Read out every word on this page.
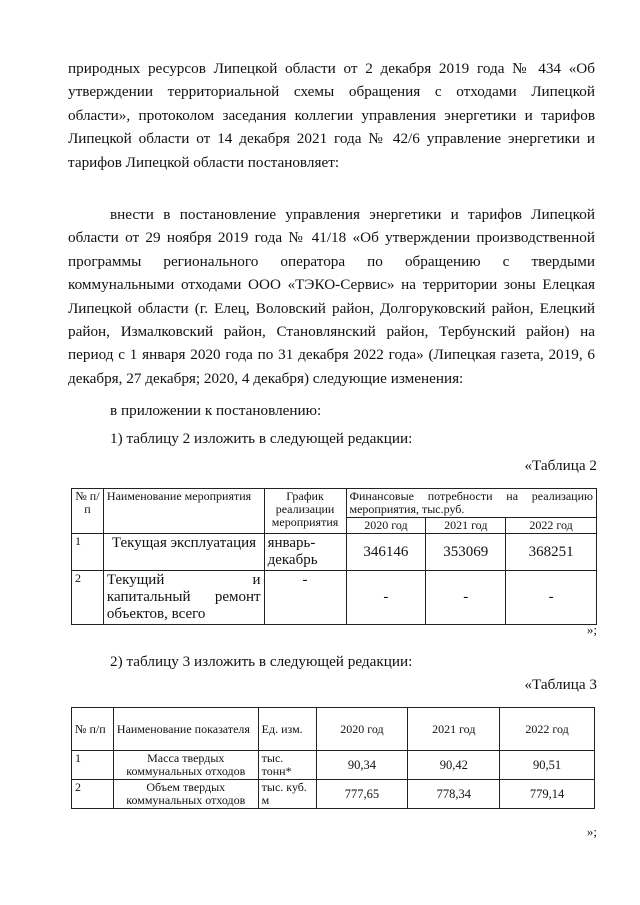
природных ресурсов Липецкой области от 2 декабря 2019 года № 434 «Об утверждении территориальной схемы обращения с отходами Липецкой области», протоколом заседания коллегии управления энергетики и тарифов Липецкой области от 14 декабря 2021 года № 42/6 управление энергетики и тарифов Липецкой области постановляет:

внести в постановление управления энергетики и тарифов Липецкой области от 29 ноября 2019 года № 41/18 «Об утверждении производственной программы регионального оператора по обращению с твердыми коммунальными отходами ООО «ТЭКО-Сервис» на территории зоны Елецкая Липецкой области (г. Елец, Воловский район, Долгоруковский район, Елецкий район, Измалковский район, Становлянский район, Тербунский район) на период с 1 января 2020 года по 31 декабря 2022 года» (Липецкая газета, 2019, 6 декабря, 27 декабря; 2020, 4 декабря) следующие изменения:

в приложении к постановлению:

1) таблицу 2 изложить в следующей редакции:

«Таблица 2

№ п/п	Наименование мероприятия	График реализации мероприятия	Финансовые потребности на реализацию мероприятия, тыс.руб.		
			2020 год	2021 год	2022 год
1	Текущая эксплуатация	январь-декабрь	346146	353069	368251
2	Текущий и капитальный ремонт объектов, всего	-	-	-	-

»;

2) таблицу 3 изложить в следующей редакции:

«Таблица 3

№ п/п	Наименование показателя	Ед. изм.	2020 год	2021 год	2022 год
1	Масса твердых коммунальных отходов	тыс. тонн*	90,34	90,42	90,51
2	Объем твердых коммунальных отходов	тыс. куб. м	777,65	778,34	779,14

»;
